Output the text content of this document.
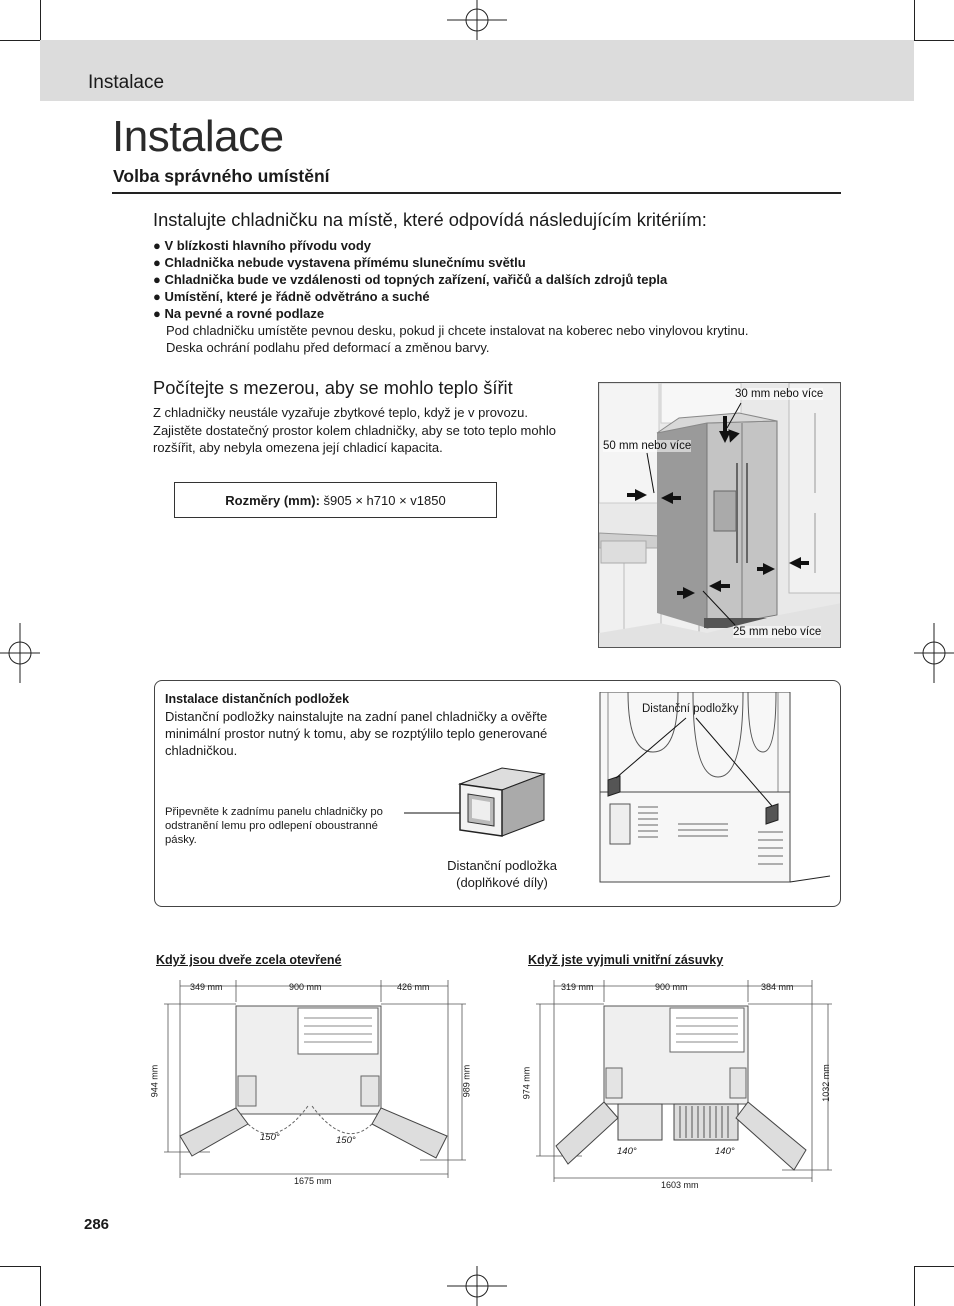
Instalace
Instalace
Volba správného umístění
Instalujte chladničku na místě, které odpovídá následujícím kritériím:
● V blízkosti hlavního přívodu vody
● Chladnička nebude vystavena přímému slunečnímu světlu
● Chladnička bude ve vzdálenosti od topných zařízení, vařičů a dalších zdrojů tepla
● Umístění, které je řádně odvětráno a suché
● Na pevné a rovné podlaze
Pod chladničku umístěte pevnou desku, pokud ji chcete instalovat na koberec nebo vinylovou krytinu.
Deska ochrání podlahu před deformací a změnou barvy.
Počítejte s mezerou, aby se mohlo teplo šířit
Z chladničky neustále vyzařuje zbytkové teplo, když je v provozu.
Zajistěte dostatečný prostor kolem chladničky, aby se toto teplo mohlo rozšířit, aby nebyla omezena její chladicí kapacita.
Rozměry (mm): š905 × h710 × v1850
30 mm nebo více
50 mm nebo více
25 mm nebo více
Instalace distančních podložek
Distanční podložky nainstalujte na zadní panel chladničky a ověřte minimální prostor nutný k tomu, aby se rozptýlilo teplo generované chladničkou.
Připevněte k zadnímu panelu chladničky po odstranění lemu pro odlepení oboustranné pásky.
Distanční podložka
(doplňkové díly)
Distanční podložky
Když jsou dveře zcela otevřené	Když jste vyjmuli vnitřní zásuvky
349 mm	900 mm	426 mm
944 mm	989 mm
150°	150°
1675 mm
319 mm	900 mm	384 mm
974 mm	1032 mm
140°	140°
1603 mm
286
